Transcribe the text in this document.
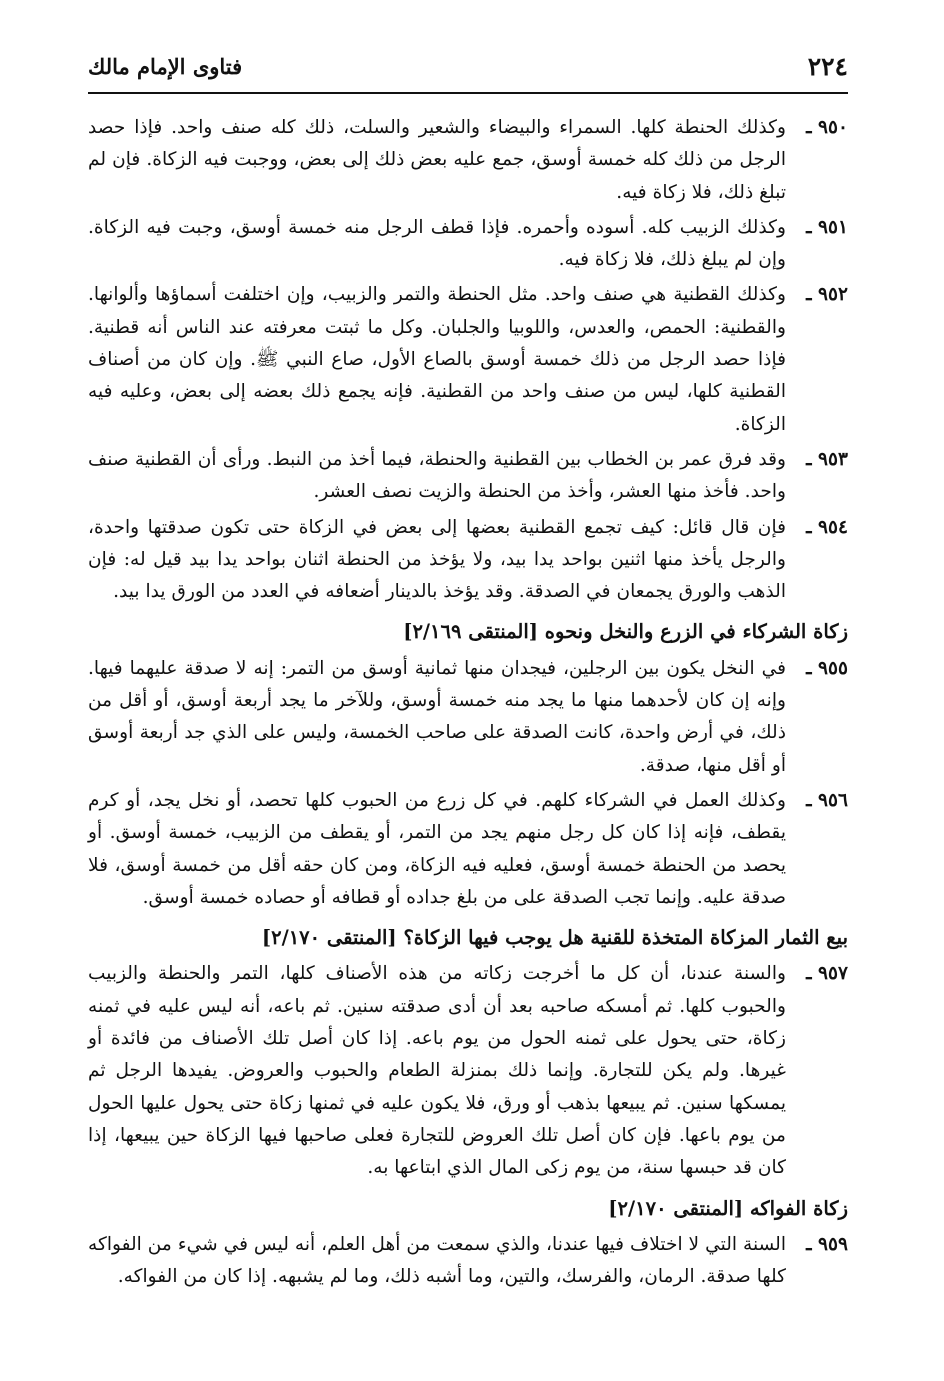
٢٢٤
فتاوى الإمام مالك
٩٥٠ ـ
وكذلك الحنطة كلها. السمراء والبيضاء والشعير والسلت، ذلك كله صنف واحد. فإذا حصد الرجل من ذلك كله خمسة أوسق، جمع عليه بعض ذلك إلى بعض، ووجبت فيه الزكاة. فإن لم تبلغ ذلك، فلا زكاة فيه.
٩٥١ ـ
وكذلك الزبيب كله. أسوده وأحمره. فإذا قطف الرجل منه خمسة أوسق، وجبت فيه الزكاة. وإن لم يبلغ ذلك، فلا زكاة فيه.
٩٥٢ ـ
وكذلك القطنية هي صنف واحد. مثل الحنطة والتمر والزبيب، وإن اختلفت أسماؤها وألوانها. والقطنية: الحمص، والعدس، واللوبيا والجلبان. وكل ما ثبتت معرفته عند الناس أنه قطنية. فإذا حصد الرجل من ذلك خمسة أوسق بالصاع الأول، صاع النبي ﷺ. وإن كان من أصناف القطنية كلها، ليس من صنف واحد من القطنية. فإنه يجمع ذلك بعضه إلى بعض، وعليه فيه الزكاة.
٩٥٣ ـ
وقد فرق عمر بن الخطاب بين القطنية والحنطة، فيما أخذ من النبط. ورأى أن القطنية صنف واحد. فأخذ منها العشر، وأخذ من الحنطة والزيت نصف العشر.
٩٥٤ ـ
فإن قال قائل: كيف تجمع القطنية بعضها إلى بعض في الزكاة حتى تكون صدقتها واحدة، والرجل يأخذ منها اثنين بواحد يدا بيد، ولا يؤخذ من الحنطة اثنان بواحد يدا بيد قيل له: فإن الذهب والورق يجمعان في الصدقة. وقد يؤخذ بالدينار أضعافه في العدد من الورق يدا بيد.
زكاة الشركاء في الزرع والنخل ونحوه [المنتقى ٢/١٦٩]
٩٥٥ ـ
في النخل يكون بين الرجلين، فيجدان منها ثمانية أوسق من التمر: إنه لا صدقة عليهما فيها. وإنه إن كان لأحدهما منها ما يجد منه خمسة أوسق، وللآخر ما يجد أربعة أوسق، أو أقل من ذلك، في أرض واحدة، كانت الصدقة على صاحب الخمسة، وليس على الذي جد أربعة أوسق أو أقل منها، صدقة.
٩٥٦ ـ
وكذلك العمل في الشركاء كلهم. في كل زرع من الحبوب كلها تحصد، أو نخل يجد، أو كرم يقطف، فإنه إذا كان كل رجل منهم يجد من التمر، أو يقطف من الزبيب، خمسة أوسق. أو يحصد من الحنطة خمسة أوسق، فعليه فيه الزكاة، ومن كان حقه أقل من خمسة أوسق، فلا صدقة عليه. وإنما تجب الصدقة على من بلغ جداده أو قطافه أو حصاده خمسة أوسق.
بيع الثمار المزكاة المتخذة للقنية هل يوجب فيها الزكاة؟ [المنتقى ٢/١٧٠]
٩٥٧ ـ
والسنة عندنا، أن كل ما أخرجت زكاته من هذه الأصناف كلها، التمر والحنطة والزبيب والحبوب كلها. ثم أمسكه صاحبه بعد أن أدى صدقته سنين. ثم باعه، أنه ليس عليه في ثمنه زكاة، حتى يحول على ثمنه الحول من يوم باعه. إذا كان أصل تلك الأصناف من فائدة أو غيرها. ولم يكن للتجارة. وإنما ذلك بمنزلة الطعام والحبوب والعروض. يفيدها الرجل ثم يمسكها سنين. ثم يبيعها بذهب أو ورق، فلا يكون عليه في ثمنها زكاة حتى يحول عليها الحول من يوم باعها. فإن كان أصل تلك العروض للتجارة فعلى صاحبها فيها الزكاة حين يبيعها، إذا كان قد حبسها سنة، من يوم زكى المال الذي ابتاعها به.
زكاة الفواكه [المنتقى ٢/١٧٠]
٩٥٩ ـ
السنة التي لا اختلاف فيها عندنا، والذي سمعت من أهل العلم، أنه ليس في شيء من الفواكه كلها صدقة. الرمان، والفرسك، والتين، وما أشبه ذلك، وما لم يشبهه. إذا كان من الفواكه.
